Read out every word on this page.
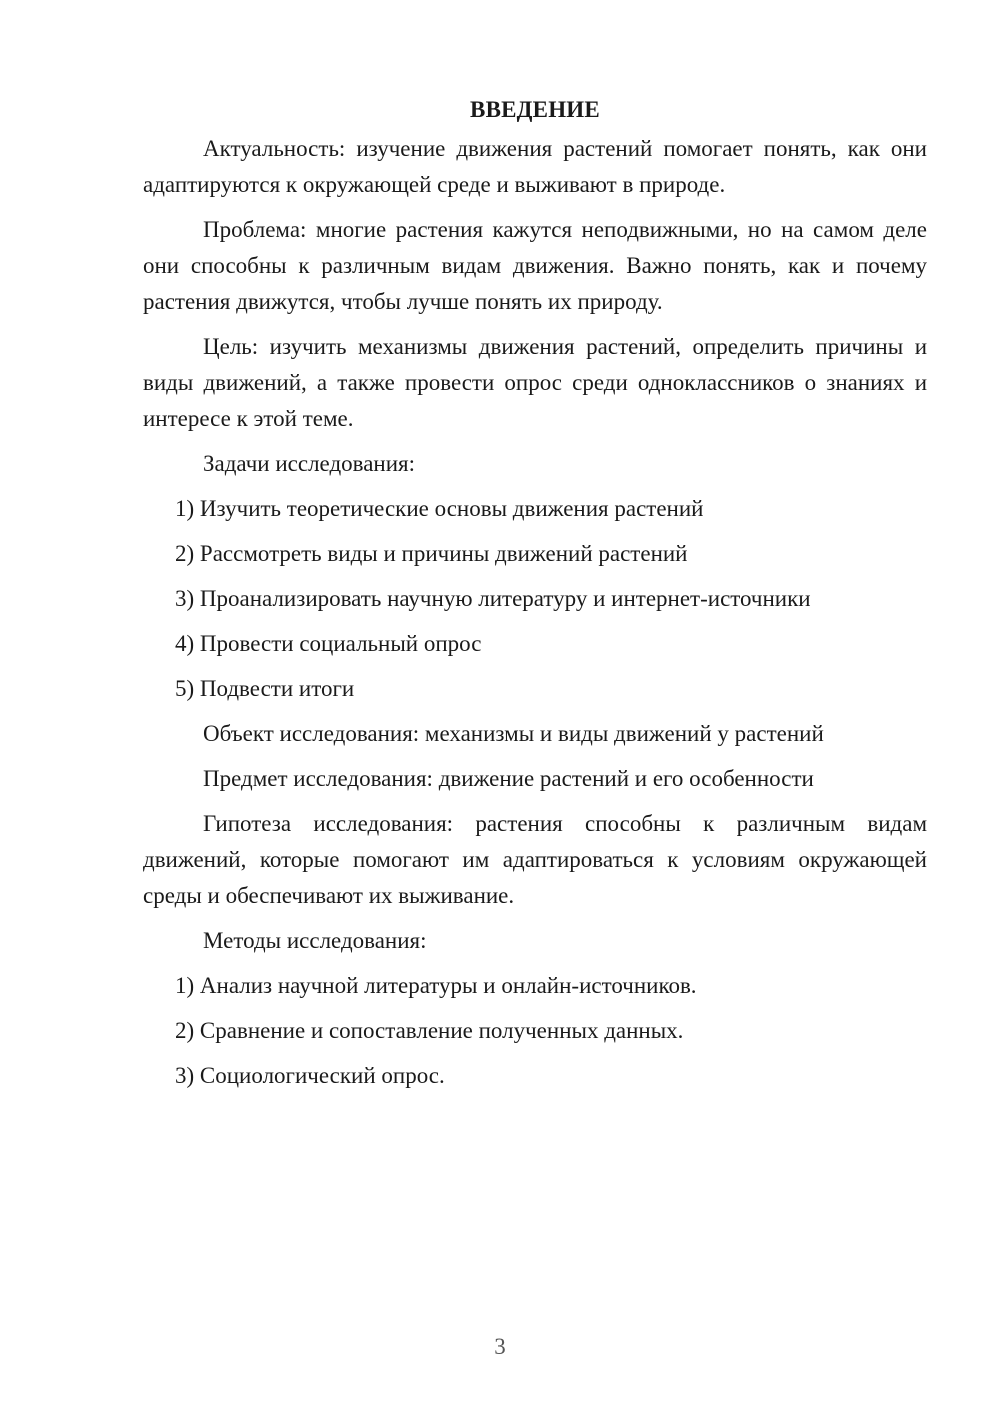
ВВЕДЕНИЕ

Актуальность: изучение движения растений помогает понять, как они адаптируются к окружающей среде и выживают в природе.

Проблема: многие растения кажутся неподвижными, но на самом деле они способны к различным видам движения. Важно понять, как и почему растения движутся, чтобы лучше понять их природу.

Цель: изучить механизмы движения растений, определить причины и виды движений, а также провести опрос среди одноклассников о знаниях и интересе к этой теме.

Задачи исследования:
1) Изучить теоретические основы движения растений
2) Рассмотреть виды и причины движений растений
3) Проанализировать научную литературу и интернет-источники
4) Провести социальный опрос
5) Подвести итоги
Объект исследования: механизмы и виды движений у растений
Предмет исследования: движение растений и его особенности

Гипотеза исследования: растения способны к различным видам движений, которые помогают им адаптироваться к условиям окружающей среды и обеспечивают их выживание.

Методы исследования:
1) Анализ научной литературы и онлайн-источников.
2) Сравнение и сопоставление полученных данных.
3) Социологический опрос.
3
